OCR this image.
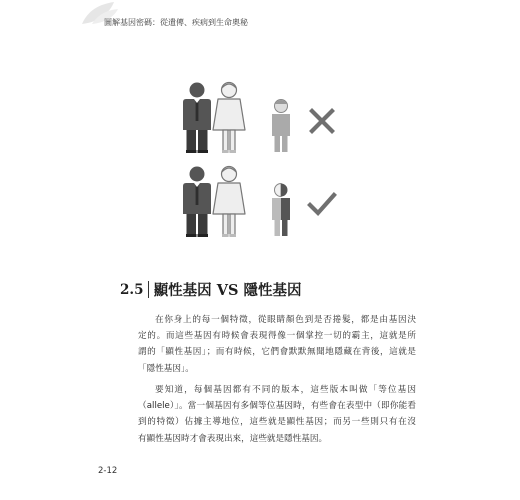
圖解基因密碼：從遺傳、疾病到生命奧秘
2.5 顯性基因 VS 隱性基因
在你身上的每一個特徵，從眼睛顏色到是否捲髮，都是由基因決
定的。而這些基因有時候會表現得像一個掌控一切的霸主，這就是所
謂的「顯性基因」；而有時候，它們會默默無聞地隱藏在背後，這就是
「隱性基因」。
要知道，每個基因都有不同的版本，這些版本叫做「等位基因
（allele）」。當一個基因有多個等位基因時，有些會在表型中（即你能看
到的特徵）佔據主導地位，這些就是顯性基因；而另一些則只有在沒
有顯性基因時才會表現出來，這些就是隱性基因。
2-12
